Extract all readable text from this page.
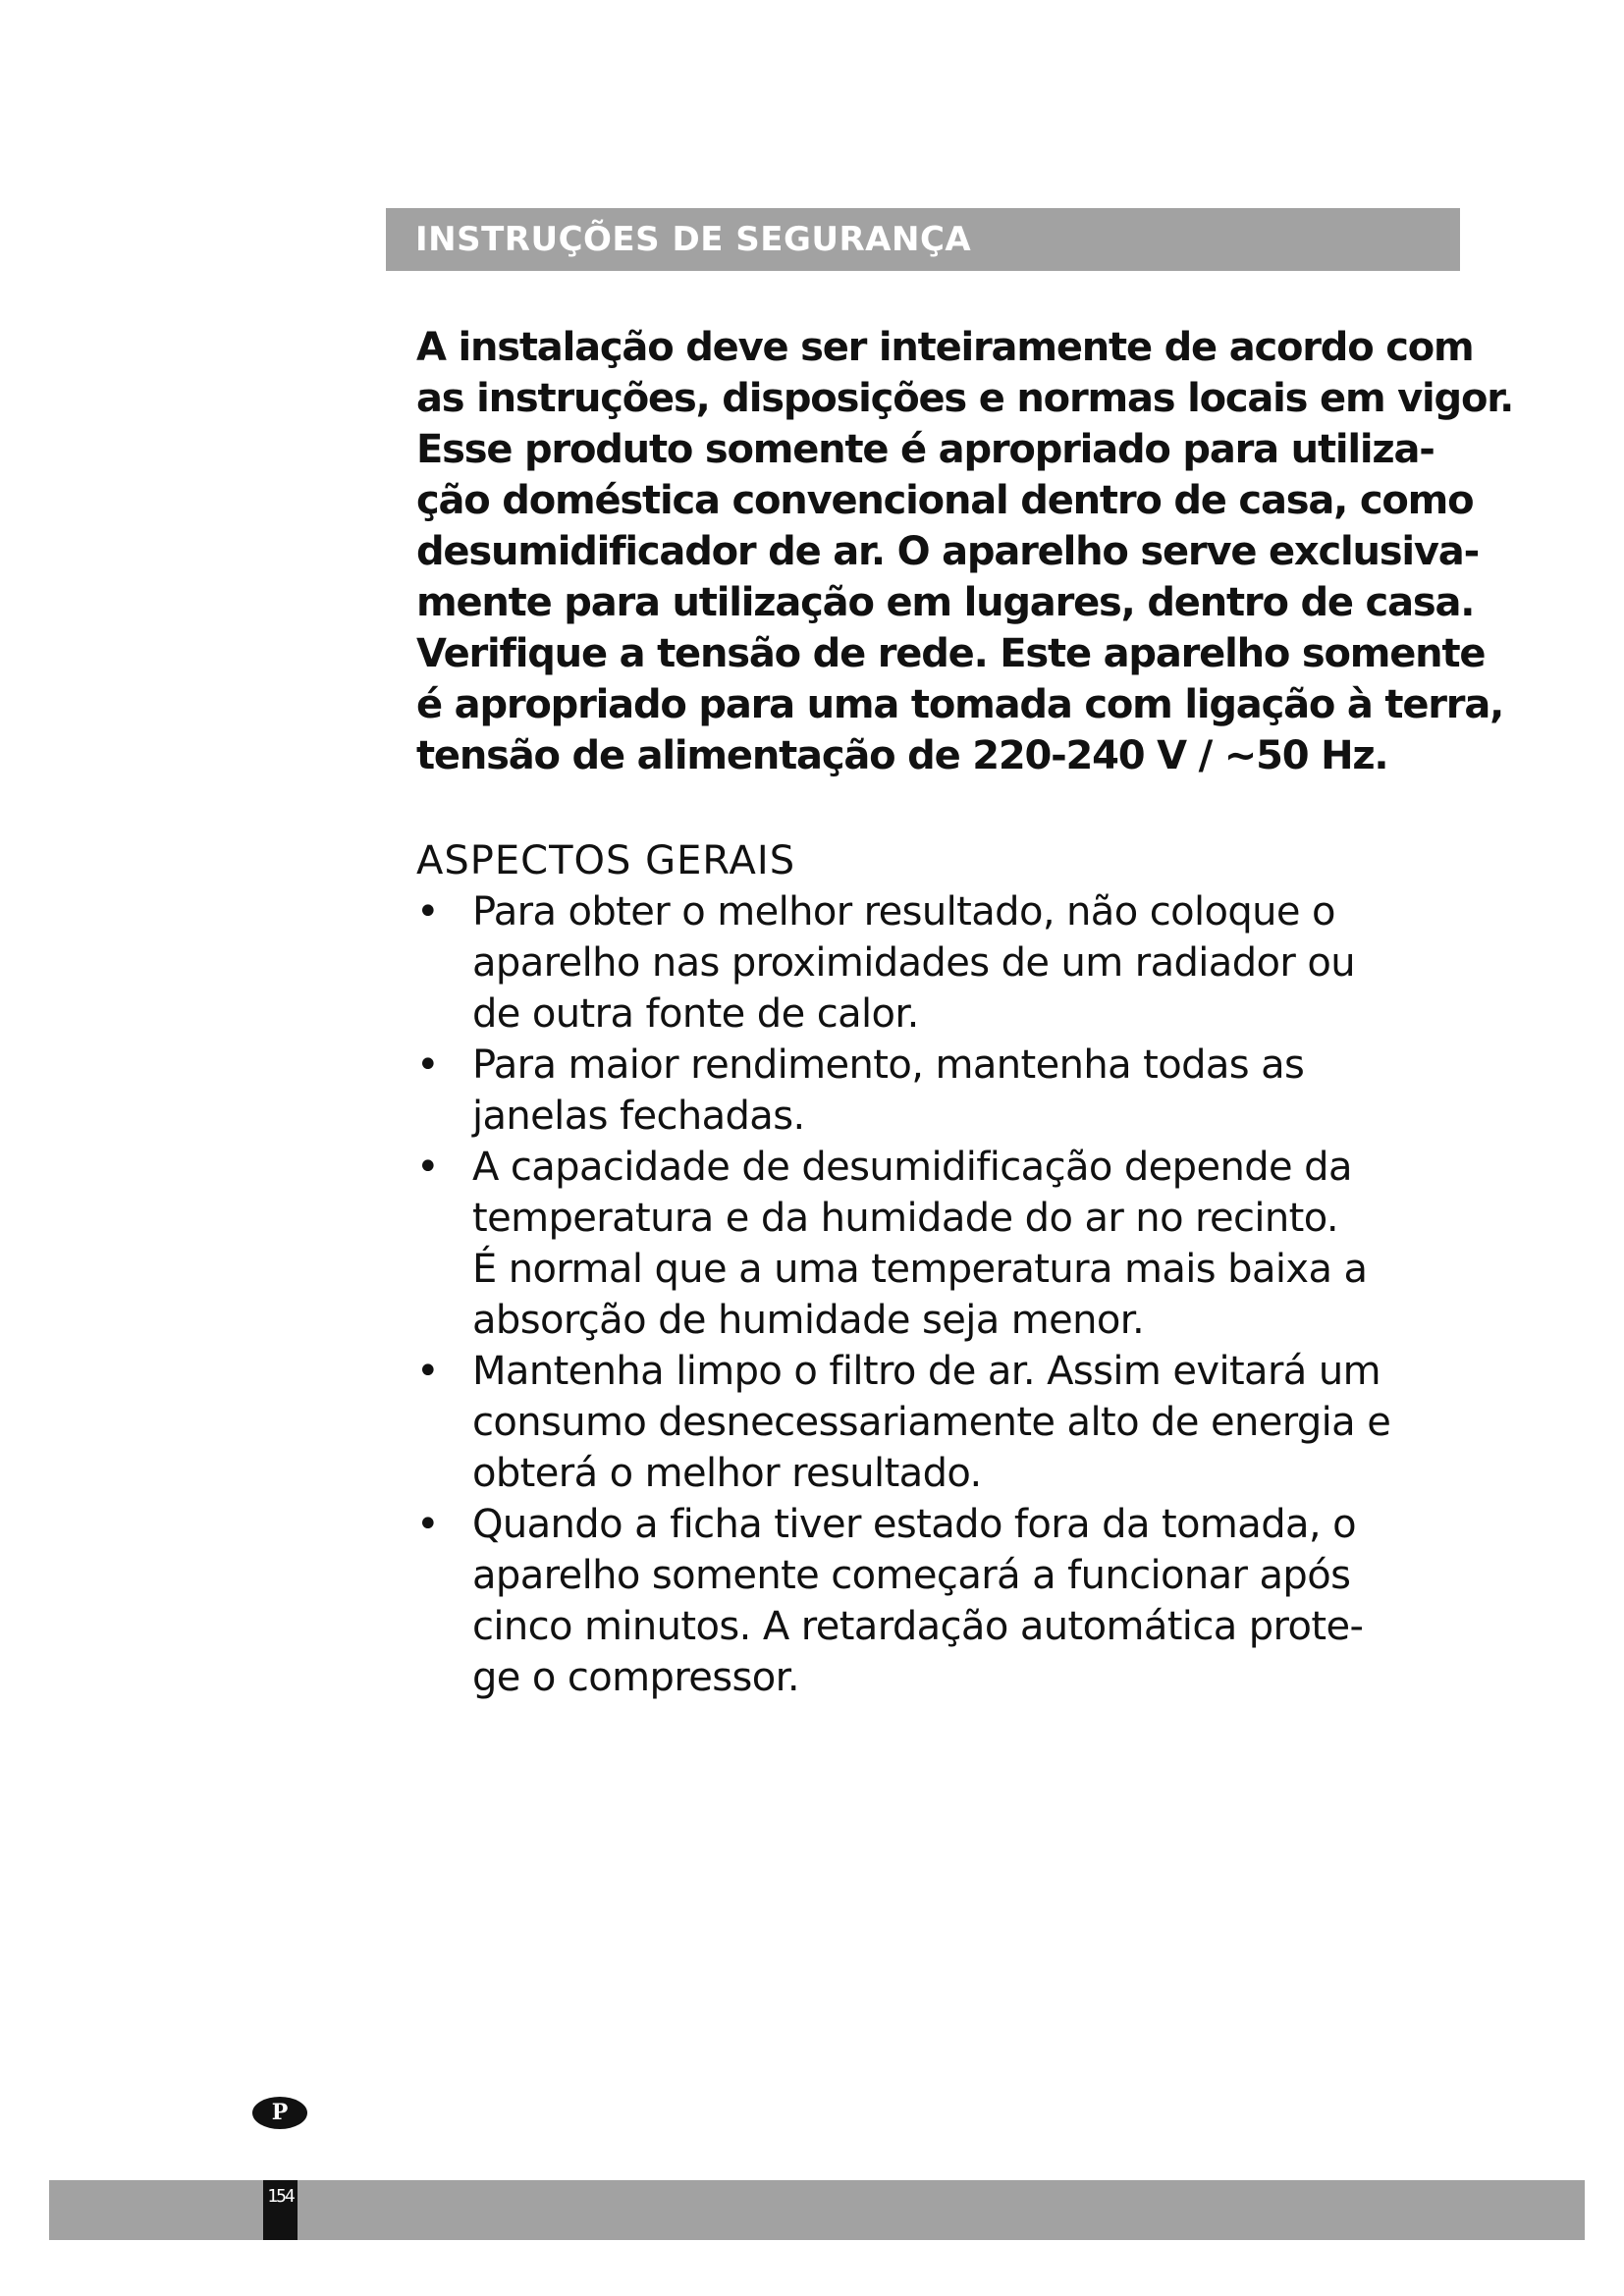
INSTRUÇÕES DE SEGURANÇA

A instalação deve ser inteiramente de acordo com
as instruções, disposições e normas locais em vigor.
Esse produto somente é apropriado para utiliza-
ção doméstica convencional dentro de casa, como
desumidificador de ar. O aparelho serve exclusiva-
mente para utilização em lugares, dentro de casa.
Verifique a tensão de rede. Este aparelho somente
é apropriado para uma tomada com ligação à terra,
tensão de alimentação de 220-240 V / ~50 Hz.

ASPECTOS GERAIS
• Para obter o melhor resultado, não coloque o
aparelho nas proximidades de um radiador ou
de outra fonte de calor.
• Para maior rendimento, mantenha todas as
janelas fechadas.
• A capacidade de desumidificação depende da
temperatura e da humidade do ar no recinto.
É normal que a uma temperatura mais baixa a
absorção de humidade seja menor.
• Mantenha limpo o filtro de ar. Assim evitará um
consumo desnecessariamente alto de energia e
obterá o melhor resultado.
• Quando a ficha tiver estado fora da tomada, o
aparelho somente começará a funcionar após
cinco minutos. A retardação automática prote-
ge o compressor.
P
154
